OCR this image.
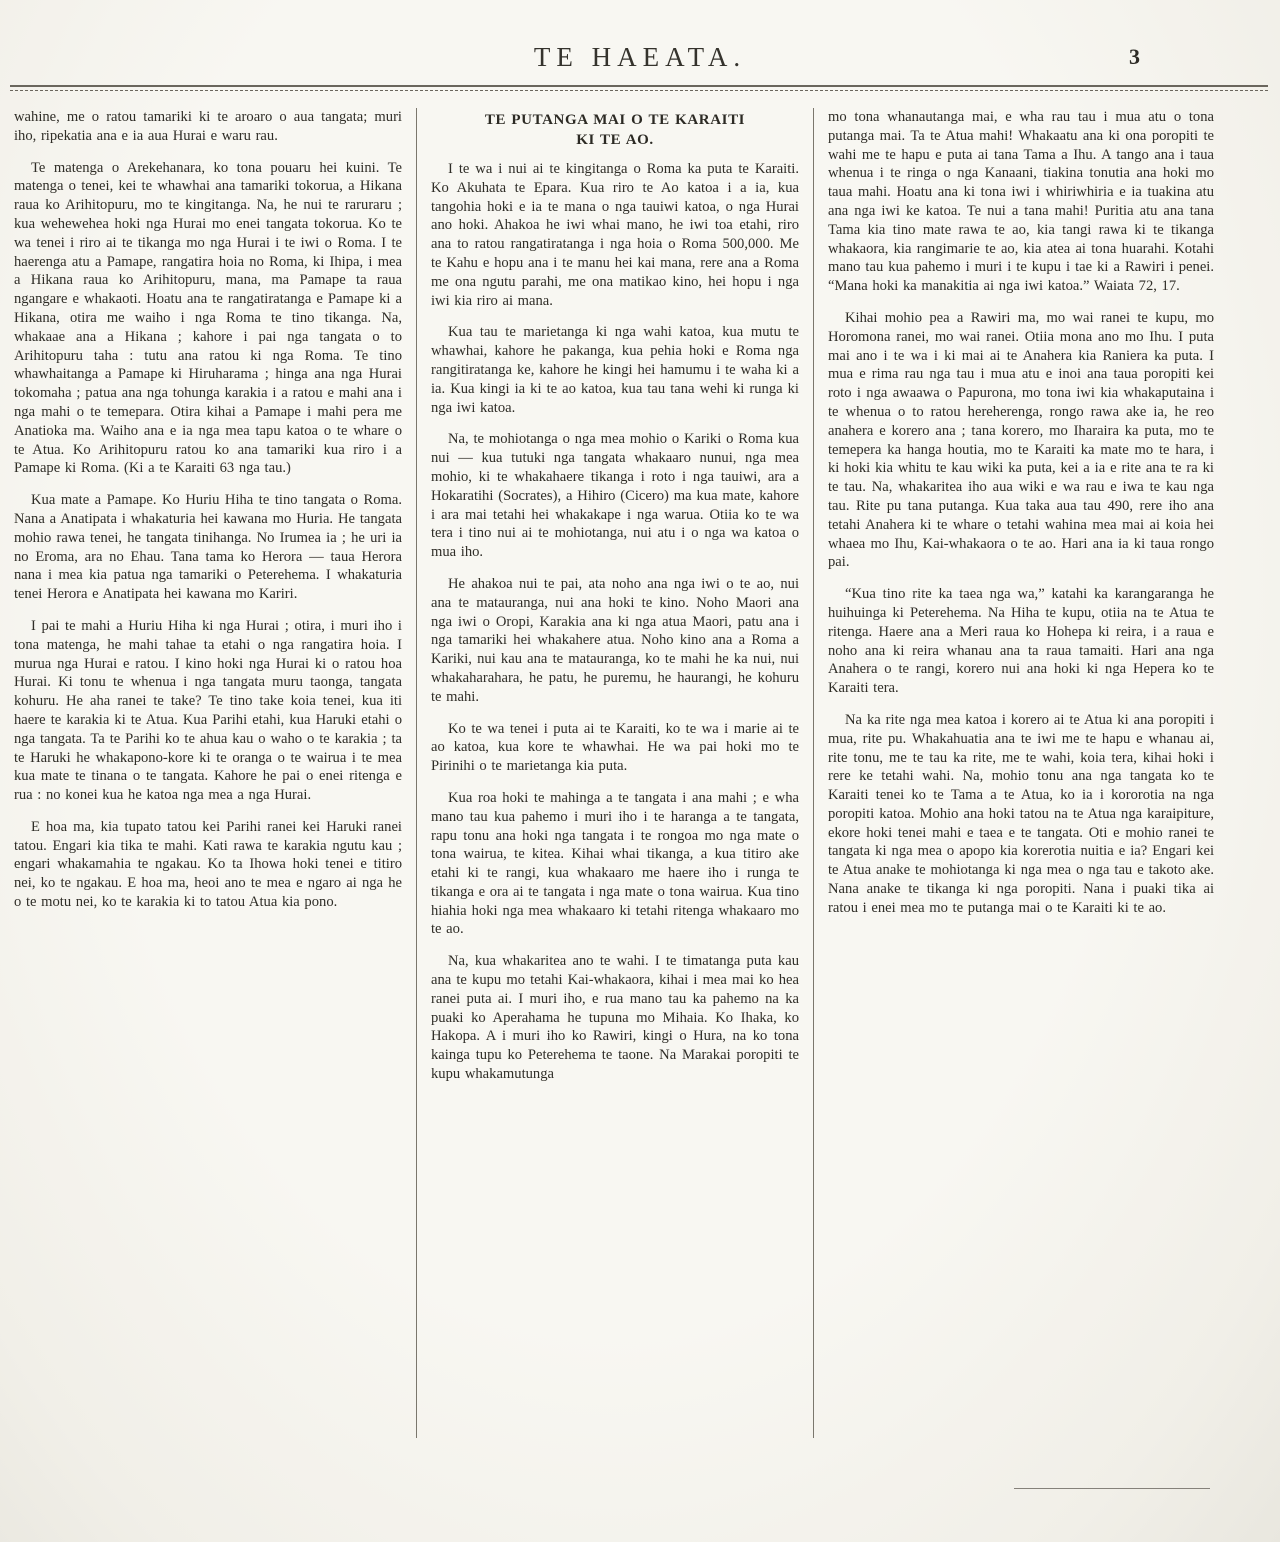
TE HAEATA.	3

wahine, me o ratou tamariki ki te aroaro o aua tangata; muri iho, ripekatia ana e ia aua Hurai e waru rau.

Te matenga o Arekehanara, ko tona pouaru hei kuini. Te matenga o tenei, kei te whawhai ana tamariki tokorua, a Hikana raua ko Arihitopuru, mo te kingitanga. Na, he nui te raruraru ; kua wehewehea hoki nga Hurai mo enei tangata tokorua. Ko te wa tenei i riro ai te tikanga mo nga Hurai i te iwi o Roma. I te haerenga atu a Pamape, rangatira hoia no Roma, ki Ihipa, i mea a Hikana raua ko Arihitopuru, mana, ma Pamape ta raua ngangare e whakaoti. Hoatu ana te rangatiratanga e Pamape ki a Hikana, otira me waiho i nga Roma te tino tikanga. Na, whakaae ana a Hikana ; kahore i pai nga tangata o to Arihitopuru taha : tutu ana ratou ki nga Roma. Te tino whawhaitanga a Pamape ki Hiruharama ; hinga ana nga Hurai tokomaha ; patua ana nga tohunga karakia i a ratou e mahi ana i nga mahi o te temepara. Otira kihai a Pamape i mahi pera me Anatioka ma. Waiho ana e ia nga mea tapu katoa o te whare o te Atua. Ko Arihitopuru ratou ko ana tamariki kua riro i a Pamape ki Roma. (Ki a te Karaiti 63 nga tau.)

Kua mate a Pamape. Ko Huriu Hiha te tino tangata o Roma. Nana a Anatipata i whakaturia hei kawana mo Huria. He tangata mohio rawa tenei, he tangata tinihanga. No Irumea ia ; he uri ia no Eroma, ara no Ehau. Tana tama ko Herora — taua Herora nana i mea kia patua nga tamariki o Peterehema. I whakaturia tenei Herora e Anatipata hei kawana mo Kariri.

I pai te mahi a Huriu Hiha ki nga Hurai ; otira, i muri iho i tona matenga, he mahi tahae ta etahi o nga rangatira hoia. I murua nga Hurai e ratou. I kino hoki nga Hurai ki o ratou hoa Hurai. Ki tonu te whenua i nga tangata muru taonga, tangata kohuru. He aha ranei te take? Te tino take koia tenei, kua iti haere te karakia ki te Atua. Kua Parihi etahi, kua Haruki etahi o nga tangata. Ta te Parihi ko te ahua kau o waho o te karakia ; ta te Haruki he whakapono-kore ki te oranga o te wairua i te mea kua mate te tinana o te tangata. Kahore he pai o enei ritenga e rua : no konei kua he katoa nga mea a nga Hurai.

E hoa ma, kia tupato tatou kei Parihi ranei kei Haruki ranei tatou. Engari kia tika te mahi. Kati rawa te karakia ngutu kau ; engari whakamahia te ngakau. Ko ta Ihowa hoki tenei e titiro nei, ko te ngakau. E hoa ma, heoi ano te mea e ngaro ai nga he o te motu nei, ko te karakia ki to tatou Atua kia pono.

TE PUTANGA MAI O TE KARAITI
KI TE AO.

I te wa i nui ai te kingitanga o Roma ka puta te Karaiti. Ko Akuhata te Epara. Kua riro te Ao katoa i a ia, kua tangohia hoki e ia te mana o nga tauiwi katoa, o nga Hurai ano hoki. Ahakoa he iwi whai mano, he iwi toa etahi, riro ana to ratou rangatiratanga i nga hoia o Roma 500,000. Me te Kahu e hopu ana i te manu hei kai mana, rere ana a Roma me ona ngutu parahi, me ona matikao kino, hei hopu i nga iwi kia riro ai mana.

Kua tau te marietanga ki nga wahi katoa, kua mutu te whawhai, kahore he pakanga, kua pehia hoki e Roma nga rangitiratanga ke, kahore he kingi hei hamumu i te waha ki a ia. Kua kingi ia ki te ao katoa, kua tau tana wehi ki runga ki nga iwi katoa.

Na, te mohiotanga o nga mea mohio o Kariki o Roma kua nui — kua tutuki nga tangata whakaaro nunui, nga mea mohio, ki te whakahaere tikanga i roto i nga tauiwi, ara a Hokaratihi (Socrates), a Hihiro (Cicero) ma kua mate, kahore i ara mai tetahi hei whakakape i nga warua. Otiia ko te wa tera i tino nui ai te mohiotanga, nui atu i o nga wa katoa o mua iho.

He ahakoa nui te pai, ata noho ana nga iwi o te ao, nui ana te matauranga, nui ana hoki te kino. Noho Maori ana nga iwi o Oropi, Karakia ana ki nga atua Maori, patu ana i nga tamariki hei whakahere atua. Noho kino ana a Roma a Kariki, nui kau ana te matauranga, ko te mahi he ka nui, nui whakaharahara, he patu, he puremu, he haurangi, he kohuru te mahi.

Ko te wa tenei i puta ai te Karaiti, ko te wa i marie ai te ao katoa, kua kore te whawhai. He wa pai hoki mo te Pirinihi o te marietanga kia puta.

Kua roa hoki te mahinga a te tangata i ana mahi ; e wha mano tau kua pahemo i muri iho i te haranga a te tangata, rapu tonu ana hoki nga tangata i te rongoa mo nga mate o tona wairua, te kitea. Kihai whai tikanga, a kua titiro ake etahi ki te rangi, kua whakaaro me haere iho i runga te tikanga e ora ai te tangata i nga mate o tona wairua. Kua tino hiahia hoki nga mea whakaaro ki tetahi ritenga whakaaro mo te ao.

Na, kua whakaritea ano te wahi. I te timatanga puta kau ana te kupu mo tetahi Kai-whakaora, kihai i mea mai ko hea ranei puta ai. I muri iho, e rua mano tau ka pahemo na ka puaki ko Aperahama he tupuna mo Mihaia. Ko Ihaka, ko Hakopa. A i muri iho ko Rawiri, kingi o Hura, na ko tona kainga tupu ko Peterehema te taone. Na Marakai poropiti te kupu whakamutunga

mo tona whanautanga mai, e wha rau tau i mua atu o tona putanga mai. Ta te Atua mahi! Whakaatu ana ki ona poropiti te wahi me te hapu e puta ai tana Tama a Ihu. A tango ana i taua whenua i te ringa o nga Kanaani, tiakina tonutia ana hoki mo taua mahi. Hoatu ana ki tona iwi i whiriwhiria e ia tuakina atu ana nga iwi ke katoa. Te nui a tana mahi! Puritia atu ana tana Tama kia tino mate rawa te ao, kia tangi rawa ki te tikanga whakaora, kia rangimarie te ao, kia atea ai tona huarahi. Kotahi mano tau kua pahemo i muri i te kupu i tae ki a Rawiri i penei. “Mana hoki ka manakitia ai nga iwi katoa.” Waiata 72, 17.

Kihai mohio pea a Rawiri ma, mo wai ranei te kupu, mo Horomona ranei, mo wai ranei. Otiia mona ano mo Ihu. I puta mai ano i te wa i ki mai ai te Anahera kia Raniera ka puta. I mua e rima rau nga tau i mua atu e inoi ana taua poropiti kei roto i nga awaawa o Papurona, mo tona iwi kia whakaputaina i te whenua o to ratou hereherenga, rongo rawa ake ia, he reo anahera e korero ana ; tana korero, mo Iharaira ka puta, mo te temepera ka hanga houtia, mo te Karaiti ka mate mo te hara, i ki hoki kia whitu te kau wiki ka puta, kei a ia e rite ana te ra ki te tau. Na, whakaritea iho aua wiki e wa rau e iwa te kau nga tau. Rite pu tana putanga. Kua taka aua tau 490, rere iho ana tetahi Anahera ki te whare o tetahi wahina mea mai ai koia hei whaea mo Ihu, Kai-whakaora o te ao. Hari ana ia ki taua rongo pai.

“Kua tino rite ka taea nga wa,” katahi ka karangaranga he huihuinga ki Peterehema. Na Hiha te kupu, otiia na te Atua te ritenga. Haere ana a Meri raua ko Hohepa ki reira, i a raua e noho ana ki reira whanau ana ta raua tamaiti. Hari ana nga Anahera o te rangi, korero nui ana hoki ki nga Hepera ko te Karaiti tera.

Na ka rite nga mea katoa i korero ai te Atua ki ana poropiti i mua, rite pu. Whakahuatia ana te iwi me te hapu e whanau ai, rite tonu, me te tau ka rite, me te wahi, koia tera, kihai hoki i rere ke tetahi wahi. Na, mohio tonu ana nga tangata ko te Karaiti tenei ko te Tama a te Atua, ko ia i kororotia na nga poropiti katoa. Mohio ana hoki tatou na te Atua nga karaipiture, ekore hoki tenei mahi e taea e te tangata. Oti e mohio ranei te tangata ki nga mea o apopo kia korerotia nuitia e ia? Engari kei te Atua anake te mohiotanga ki nga mea o nga tau e takoto ake. Nana anake te tikanga ki nga poropiti. Nana i puaki tika ai ratou i enei mea mo te putanga mai o te Karaiti ki te ao.
